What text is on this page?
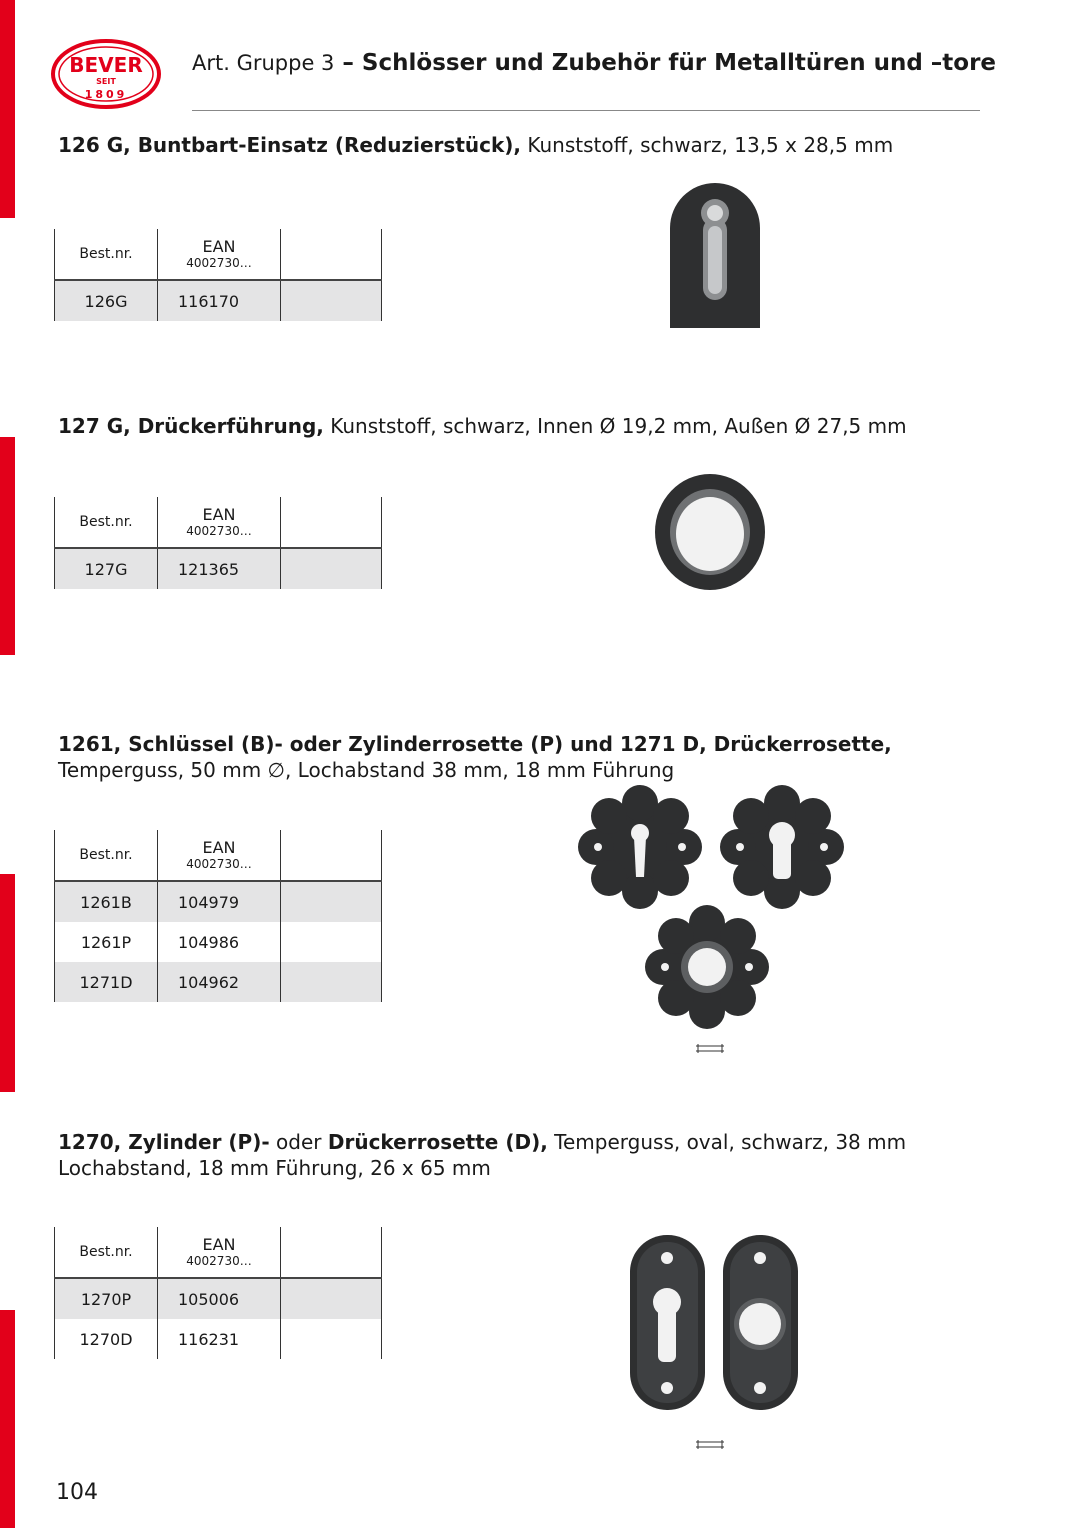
BEVER
SEIT
1809
Art. Gruppe 3 – Schlösser und Zubehör für Metalltüren und –tore
126 G, Buntbart-Einsatz (Reduzierstück), Kunststoff, schwarz, 13,5 x 28,5 mm
Best.nr.	EAN
4002730…	

126G	116170	
127 G, Drückerführung, Kunststoff, schwarz, Innen Ø 19,2 mm, Außen Ø 27,5 mm
Best.nr.	EAN
4002730…	

127G	121365	
1261, Schlüssel (B)- oder Zylinderrosette (P) und 1271 D, Drückerrosette,
Temperguss, 50 mm ∅, Lochabstand 38 mm, 18 mm Führung
Best.nr.	EAN
4002730…	

1261B	104979	
1261P	104986	
1271D	104962	
1270, Zylinder (P)- oder Drückerrosette (D), Temperguss, oval, schwarz, 38 mm
Lochabstand, 18 mm Führung, 26 x 65 mm
Best.nr.	EAN
4002730…	

1270P	105006	
1270D	116231	
104
